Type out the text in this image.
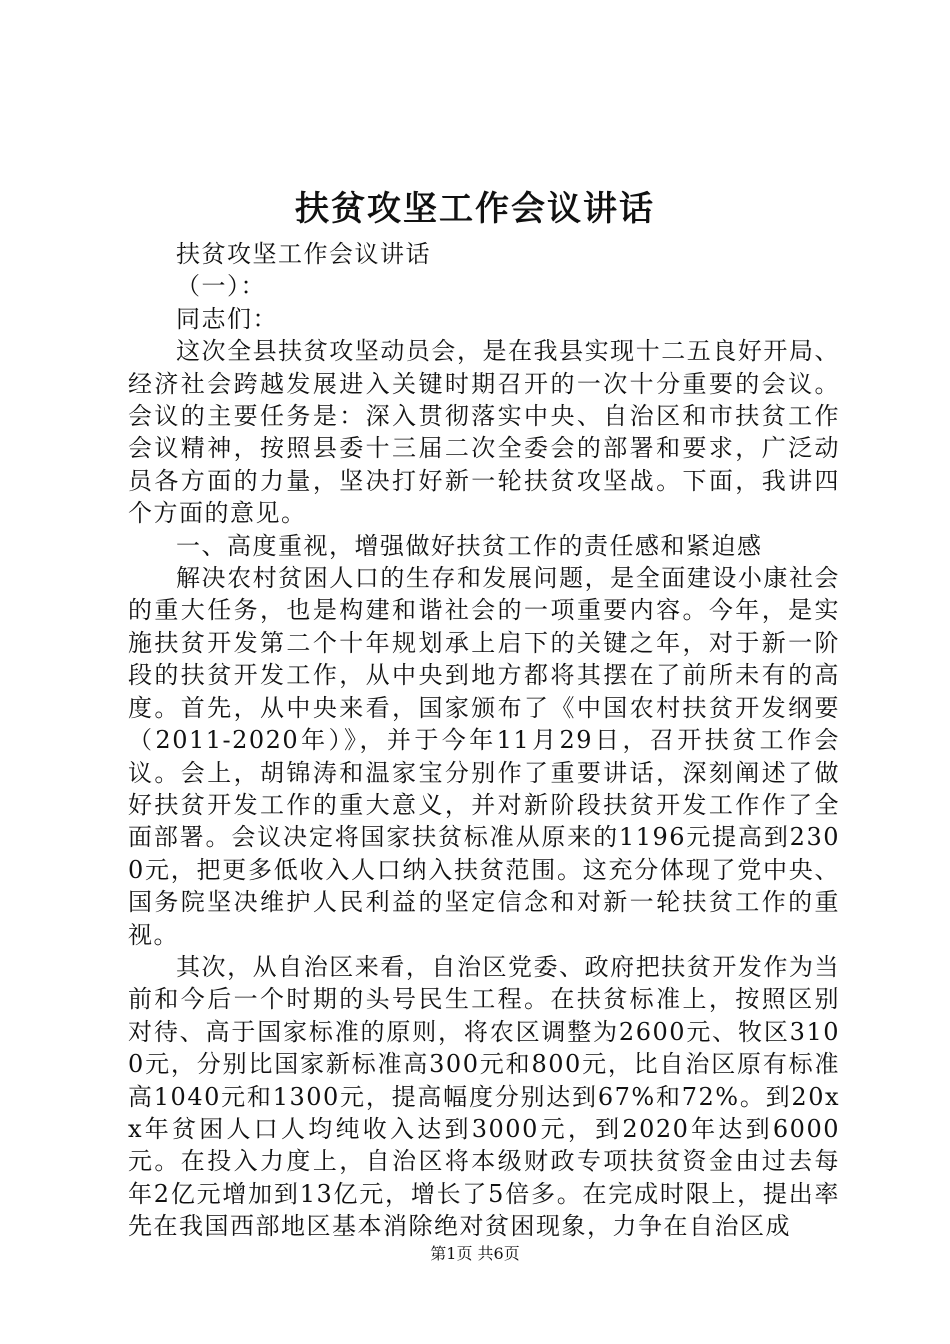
扶贫攻坚工作会议讲话

扶贫攻坚工作会议讲话

（一）：

同志们：

这次全县扶贫攻坚动员会，是在我县实现十二五良好开局、经济社会跨越发展进入关键时期召开的一次十分重要的会议。会议的主要任务是：深入贯彻落实中央、自治区和市扶贫工作会议精神，按照县委十三届二次全委会的部署和要求，广泛动员各方面的力量，坚决打好新一轮扶贫攻坚战。下面，我讲四个方面的意见。

一、高度重视，增强做好扶贫工作的责任感和紧迫感

解决农村贫困人口的生存和发展问题，是全面建设小康社会的重大任务，也是构建和谐社会的一项重要内容。今年，是实施扶贫开发第二个十年规划承上启下的关键之年，对于新一阶段的扶贫开发工作，从中央到地方都将其摆在了前所未有的高度。首先，从中央来看，国家颁布了《中国农村扶贫开发纲要（2011-2020年）》，并于今年11月29日，召开扶贫工作会议。会上，胡锦涛和温家宝分别作了重要讲话，深刻阐述了做好扶贫开发工作的重大意义，并对新阶段扶贫开发工作作了全面部署。会议决定将国家扶贫标准从原来的1196元提高到2300元，把更多低收入人口纳入扶贫范围。这充分体现了党中央、国务院坚决维护人民利益的坚定信念和对新一轮扶贫工作的重视。

其次，从自治区来看，自治区党委、政府把扶贫开发作为当前和今后一个时期的头号民生工程。在扶贫标准上，按照区别对待、高于国家标准的原则，将农区调整为2600元、牧区3100元，分别比国家新标准高300元和800元，比自治区原有标准高1040元和1300元，提高幅度分别达到67%和72%。到20xx年贫困人口人均纯收入达到3000元，到2020年达到6000元。在投入力度上，自治区将本级财政专项扶贫资金由过去每年2亿元增加到13亿元，增长了5倍多。在完成时限上，提出率先在我国西部地区基本消除绝对贫困现象，力争在自治区成

第1页 共6页
